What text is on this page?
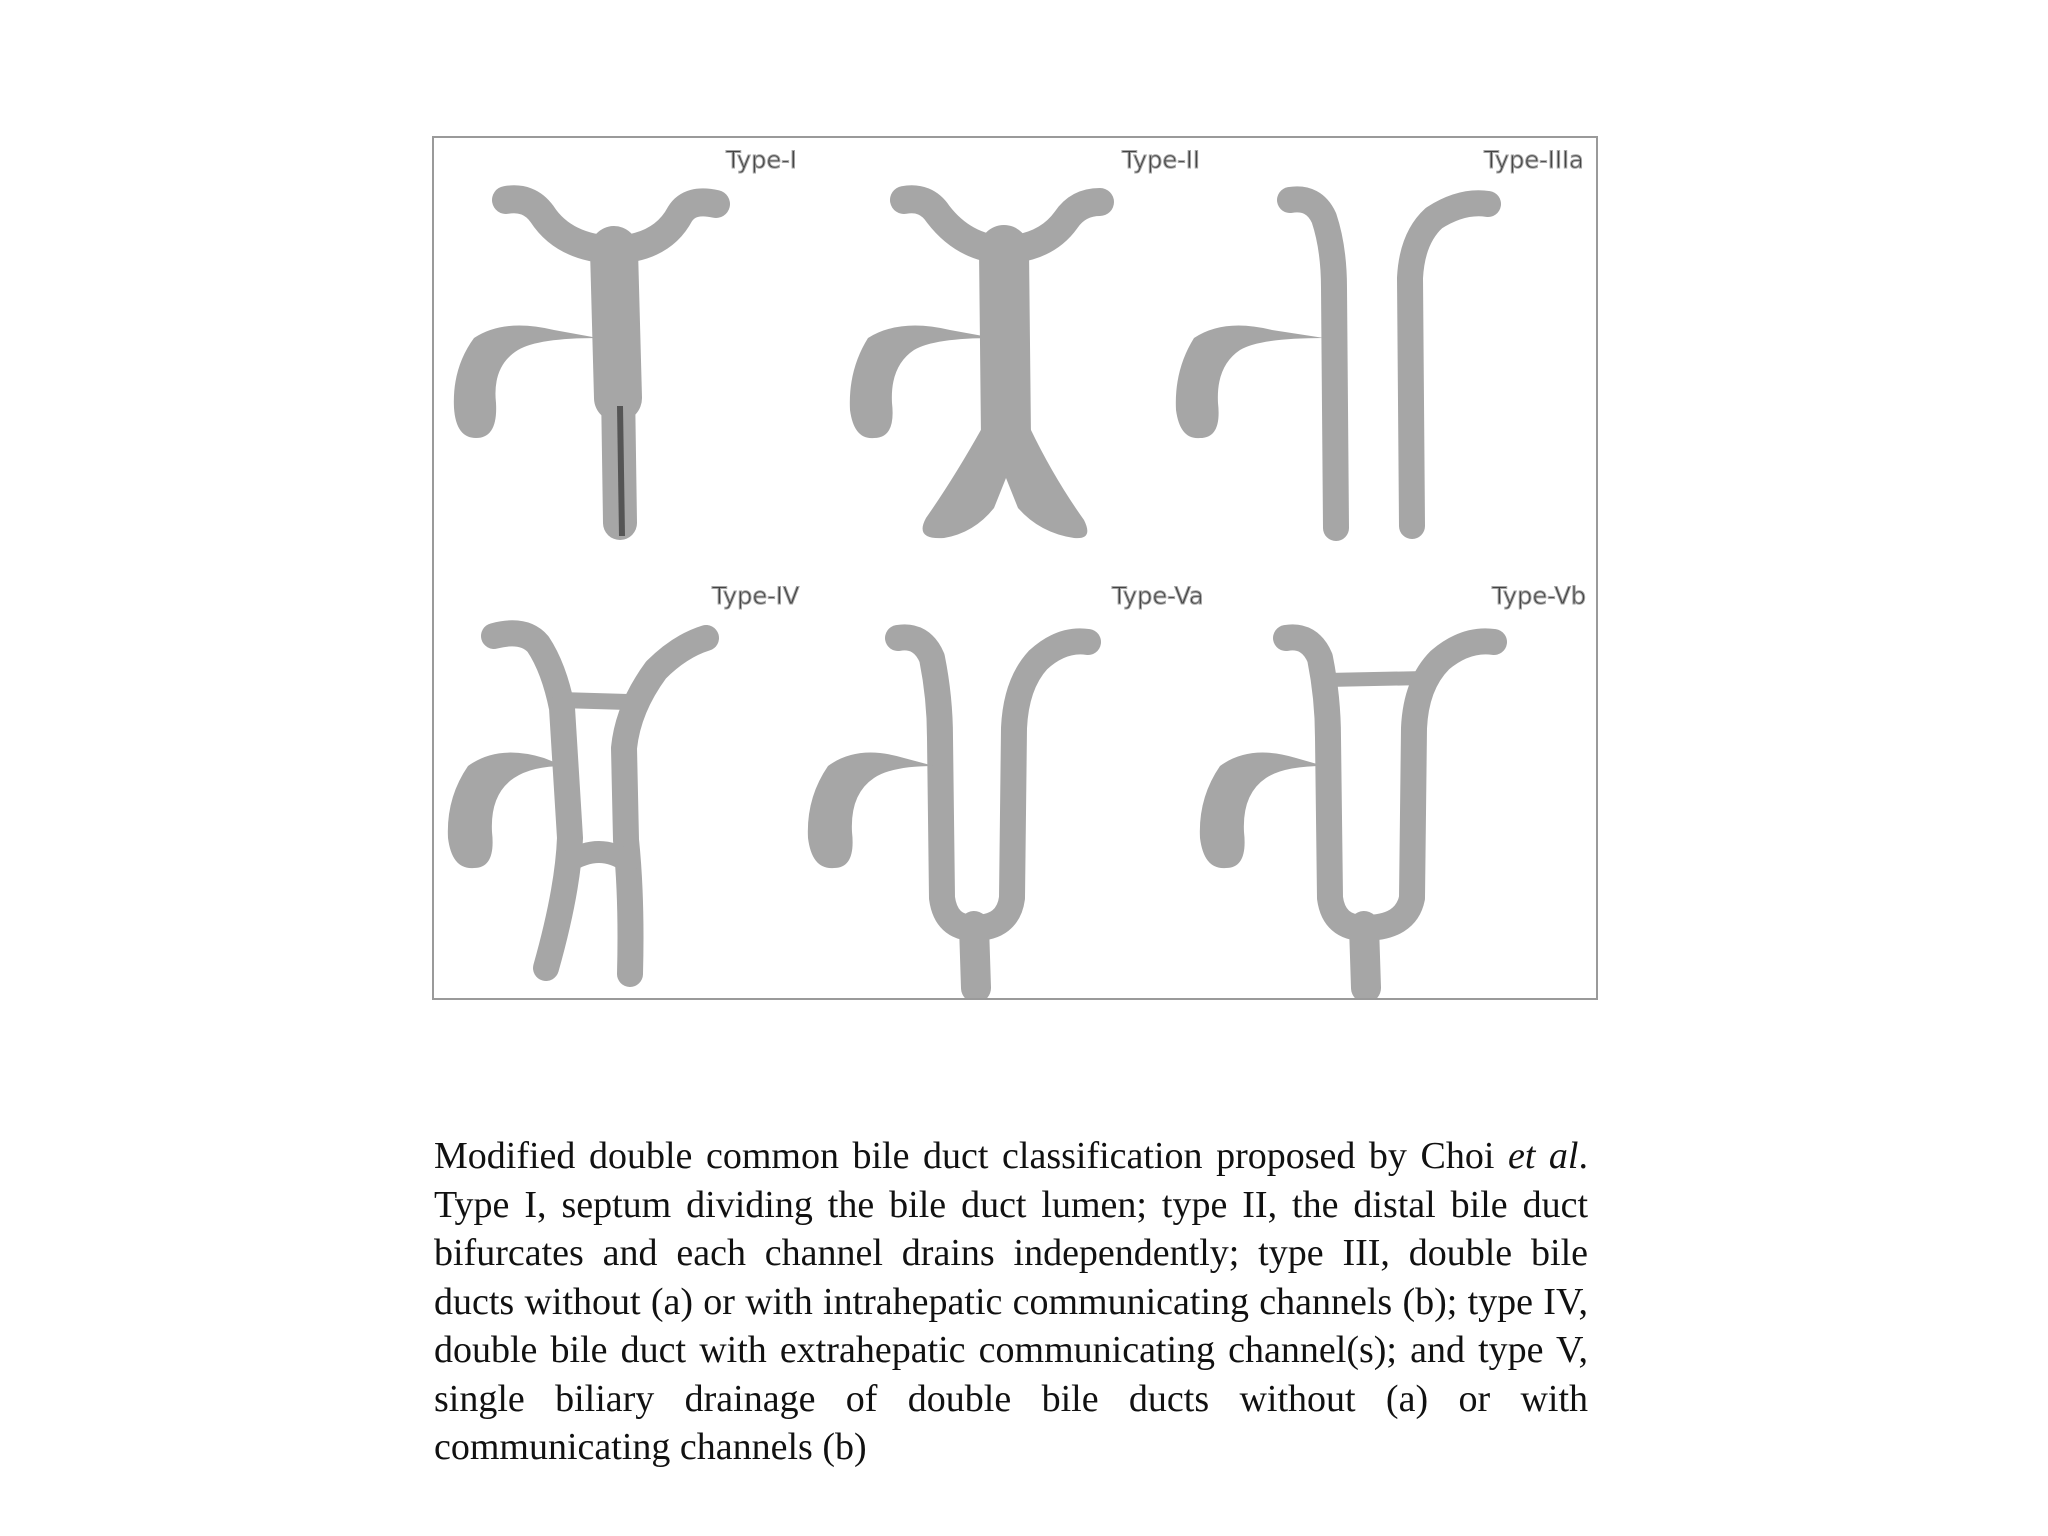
Type-I	Type-II	Type-IIIa
Type-IV	Type-Va	Type-Vb

Modified double common bile duct classification proposed by Choi et al. Type I, septum dividing the bile duct lumen; type II, the distal bile duct bifurcates and each channel drains independently; type III, double bile ducts without (a) or with intrahepatic communicating channels (b); type IV, double bile duct with extrahepatic communicating channel(s); and type V, single biliary drainage of double bile ducts without (a) or with communicating channels (b)
